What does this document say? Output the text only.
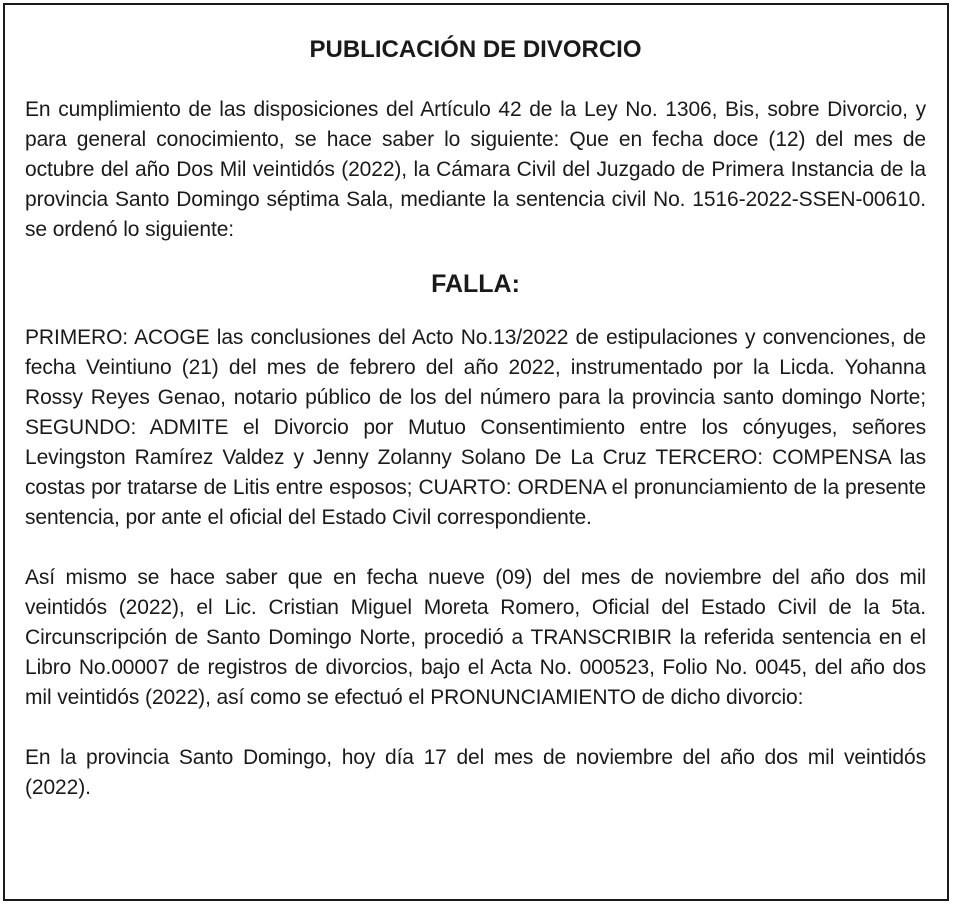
PUBLICACIÓN DE DIVORCIO

En cumplimiento de las disposiciones del Artículo 42 de la Ley No. 1306, Bis, sobre Divorcio, y para general conocimiento, se hace saber lo siguiente: Que en fecha doce (12) del mes de octubre del año Dos Mil veintidós (2022), la Cámara Civil del Juzgado de Primera Instancia de la provincia Santo Domingo séptima Sala, mediante la sentencia civil No. 1516-2022-SSEN-00610. se ordenó lo siguiente:

FALLA:

PRIMERO: ACOGE las conclusiones del Acto No.13/2022 de estipulaciones y convenciones, de fecha Veintiuno (21) del mes de febrero del año 2022, instrumentado por la Licda. Yohanna Rossy Reyes Genao, notario público de los del número para la provincia santo domingo Norte; SEGUNDO: ADMITE el Divorcio por Mutuo Consentimiento entre los cónyuges, señores Levingston Ramírez Valdez y Jenny Zolanny Solano De La Cruz TERCERO: COMPENSA las costas por tratarse de Litis entre esposos; CUARTO: ORDENA el pronunciamiento de la presente sentencia, por ante el oficial del Estado Civil correspondiente.

Así mismo se hace saber que en fecha nueve (09) del mes de noviembre del año dos mil veintidós (2022), el Lic. Cristian Miguel Moreta Romero, Oficial del Estado Civil de la 5ta. Circunscripción de Santo Domingo Norte, procedió a TRANSCRIBIR la referida sentencia en el Libro No.00007 de registros de divorcios, bajo el Acta No. 000523, Folio No. 0045, del año dos mil veintidós (2022), así como se efectuó el PRONUNCIAMIENTO de dicho divorcio:

En la provincia Santo Domingo, hoy día 17 del mes de noviembre del año dos mil veintidós (2022).
